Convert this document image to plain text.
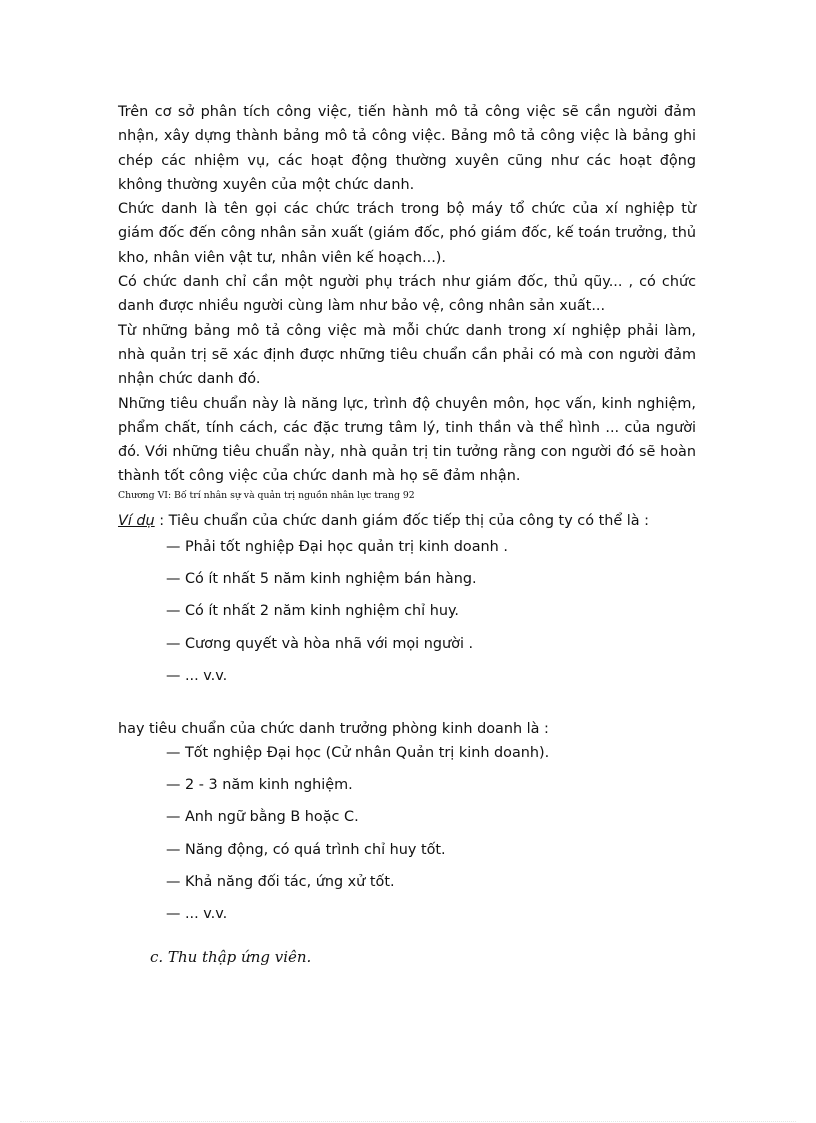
Trên cơ sở phân tích công việc, tiến hành mô tả công việc sẽ cần người đảm nhận, xây dựng thành bảng mô tả công việc. Bảng mô tả công việc là bảng ghi chép các nhiệm vụ, các hoạt động thường xuyên cũng như các hoạt động không thường xuyên của một chức danh.

Chức danh là tên gọi các chức trách trong bộ máy tổ chức của xí nghiệp từ giám đốc đến công nhân sản xuất (giám đốc, phó giám đốc, kế toán trưởng, thủ kho, nhân viên vật tư, nhân viên kế hoạch...).

Có chức danh chỉ cần một người phụ trách như giám đốc, thủ qũy... , có chức danh được nhiều người cùng làm như bảo vệ, công nhân sản xuất...

Từ những bảng mô tả công việc mà mỗi chức danh trong xí nghiệp phải làm, nhà quản trị sẽ xác định được những tiêu chuẩn cần phải có mà con người đảm nhận chức danh đó.

Những tiêu chuẩn này là năng lực, trình độ chuyên môn, học vấn, kinh nghiệm, phẩm chất, tính cách, các đặc trưng tâm lý, tinh thần và thể hình ... của người đó. Với những tiêu chuẩn này, nhà quản trị tin tưởng rằng con người đó sẽ hoàn thành tốt công việc của chức danh mà họ sẽ đảm nhận.

Chương VI: Bố trí nhân sự và quản trị nguồn nhân lực trang 92
Ví dụ : Tiêu chuẩn của chức danh giám đốc tiếp thị của công ty có thể là :
— Phải tốt nghiệp Đại học quản trị kinh doanh .
— Có ít nhất 5 năm kinh nghiệm bán hàng.
— Có ít nhất 2 năm kinh nghiệm chỉ huy.
— Cương quyết và hòa nhã với mọi người .
— ... v.v.
hay tiêu chuẩn của chức danh trưởng phòng kinh doanh là :
— Tốt nghiệp Đại học (Cử nhân Quản trị kinh doanh).
— 2 - 3 năm kinh nghiệm.
— Anh ngữ bằng B hoặc C.
— Năng động, có quá trình chỉ huy tốt.
— Khả năng đối tác, ứng xử tốt.
— ... v.v.
c. Thu thập ứng viên.
